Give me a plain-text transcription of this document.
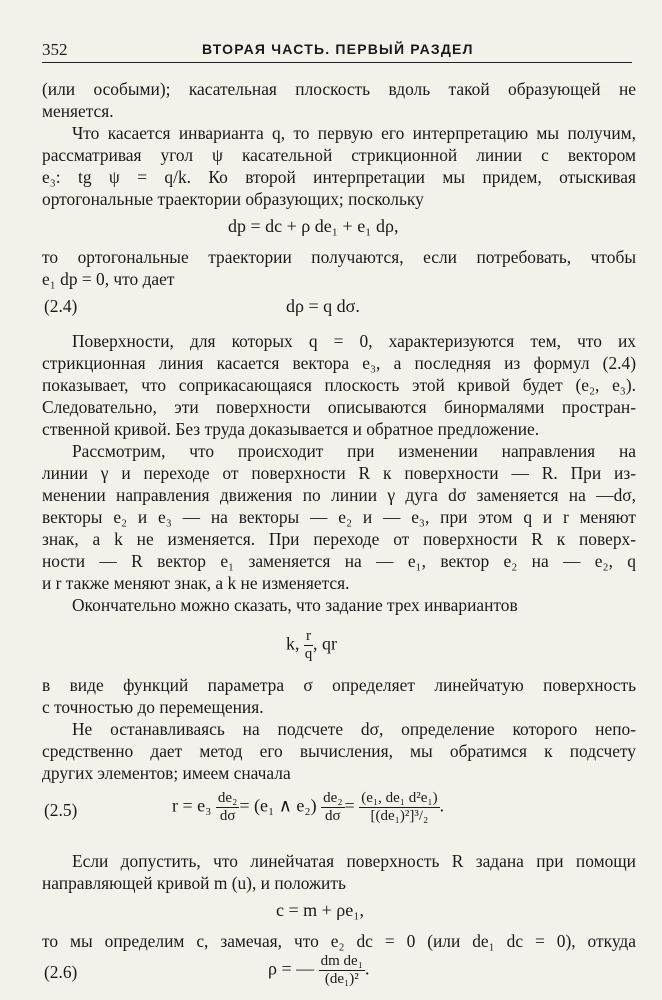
352	ВТОРАЯ ЧАСТЬ. ПЕРВЫЙ РАЗДЕЛ
(или особыми); касательная плоскость вдоль такой образующей не
меняется.
Что касается инварианта q, то первую его интерпретацию мы получим,
рассматривая угол ψ касательной стрикционной линии с вектором
e₃: tg ψ = q/k. Ко второй интерпретации мы придем, отыскивая
ортогональные траектории образующих; поскольку
dp = dc + ρ de₁ + e₁ dρ,
то ортогональные траектории получаются, если потребовать, чтобы
e₁ dp = 0, что дает
(2.4)	dρ = q dσ.
Поверхности, для которых q = 0, характеризуются тем, что их
стрикционная линия касается вектора e₃, а последняя из формул (2.4)
показывает, что соприкасающаяся плоскость этой кривой будет (e₂, e₃).
Следовательно, эти поверхности описываются бинормалями простран-
ственной кривой. Без труда доказывается и обратное предложение.
Рассмотрим, что происходит при изменении направления на
линии γ и переходе от поверхности R к поверхности — R. При из-
менении направления движения по линии γ дуга dσ заменяется на —dσ,
векторы e₂ и e₃ — на векторы — e₂ и — e₃, при этом q и r меняют
знак, а k не изменяется. При переходе от поверхности R к поверх-
ности — R вектор e₁ заменяется на — e₁, вектор e₂ на — e₂, q
и r также меняют знак, а k не изменяется.
Окончательно можно сказать, что задание трех инвариантов
k, $\frac{r}{q}$ , qr
в виде функций параметра σ определяет линейчатую поверхность
с точностью до перемещения.
Не останавливаясь на подсчете dσ, определение которого непо-
средственно дает метод его вычисления, мы обратимся к подсчету
других элементов; имеем сначала
(2.5)	$r = e_3 \frac{\text{de₂}}{d\sigma} = (e_1$ ∧ $e_2) \frac{\text{de₂}}{d\sigma} = \frac{\text{(e₁, de₁ d²e₁)}}{\text{[(de₁)²]³/₂}}$ .
Если допустить, что линейчатая поверхность R задана при помощи
направляющей кривой m (u), и положить
c = m + ρe₁,
то мы определим c, замечая, что e₂ dc = 0 (или de₁ dc = 0), откуда
(2.6)	ρ = — $\frac{\text{dm de₁}}{\text{(de₁)²}}$ .
